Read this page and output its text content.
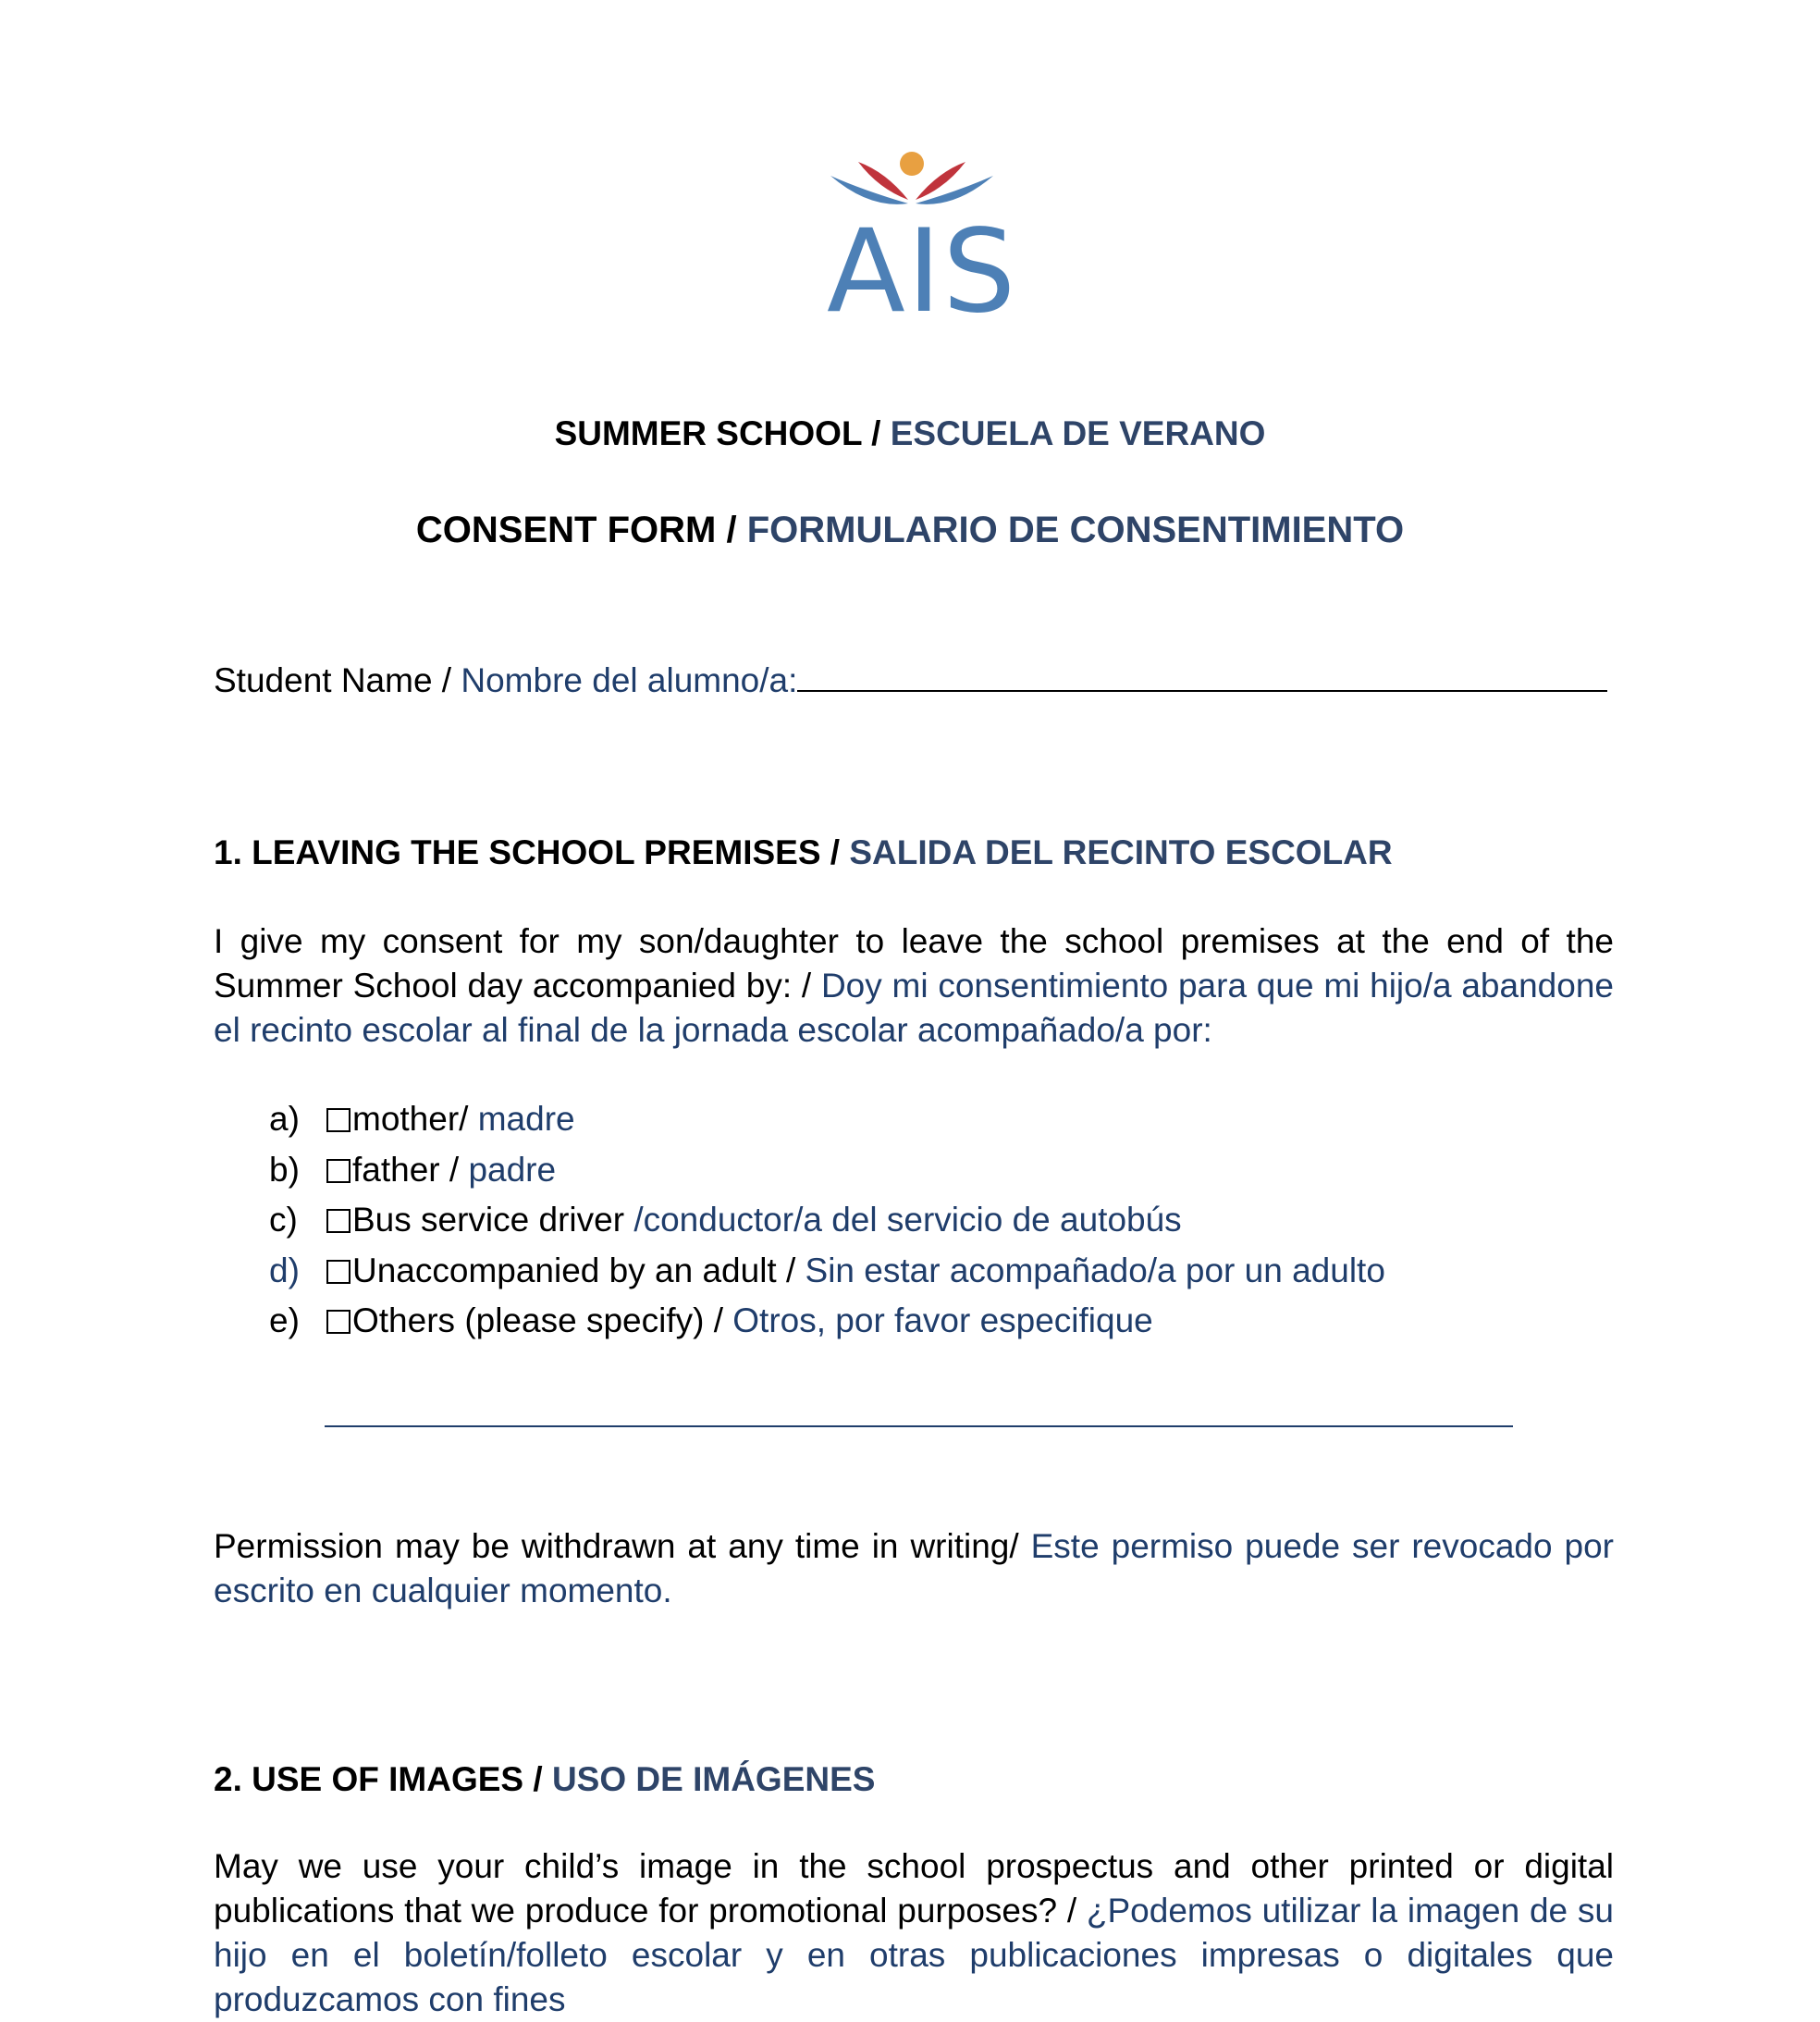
AIS
SUMMER SCHOOL / ESCUELA DE VERANO
CONSENT FORM / FORMULARIO DE CONSENTIMIENTO
Student Name / Nombre del alumno/a:
1. LEAVING THE SCHOOL PREMISES / SALIDA DEL RECINTO ESCOLAR
I give my consent for my son/daughter to leave the school premises at the end of the Summer School day accompanied by: / Doy mi consentimiento para que mi hijo/a abandone el recinto escolar al final de la jornada escolar acompañado/a por:
a) mother/ madre
b) father / padre
c) Bus service driver /conductor/a del servicio de autobús
d) Unaccompanied by an adult / Sin estar acompañado/a por un adulto
e) Others (please specify) / Otros, por favor especifique
Permission may be withdrawn at any time in writing/ Este permiso puede ser revocado por escrito en cualquier momento.
2. USE OF IMAGES / USO DE IMÁGENES
May we use your child’s image in the school prospectus and other printed or digital publications that we produce for promotional purposes? / ¿Podemos utilizar la imagen de su hijo en el boletín/folleto escolar y en otras publicaciones impresas o digitales que produzcamos con fines
